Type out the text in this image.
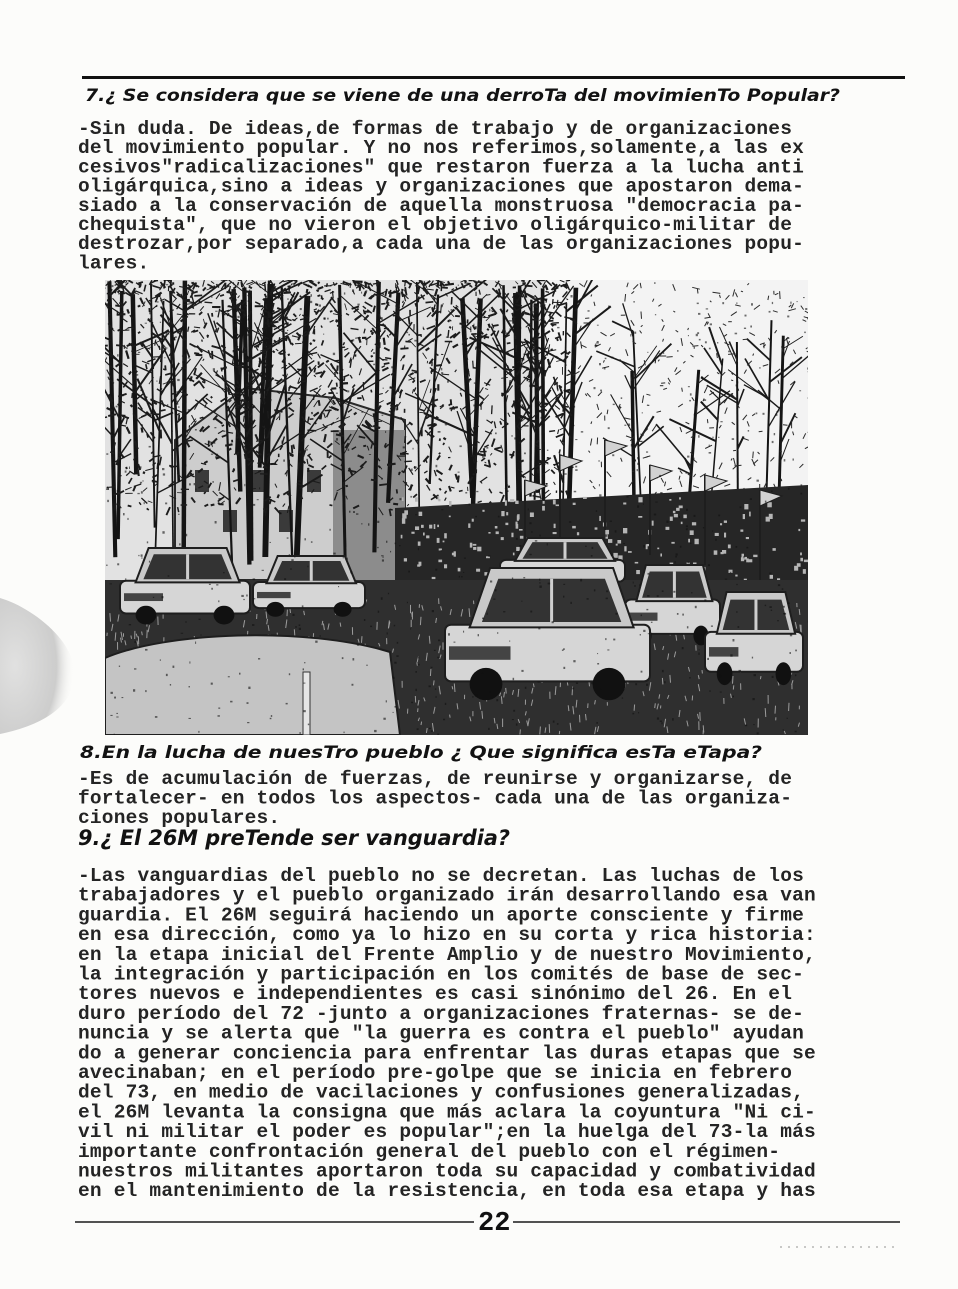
7.¿ Se considera que se viene de una derroTa del movimienTo Popular?
-Sin duda. De ideas,de formas de trabajo y de organizaciones
del movimiento popular. Y no nos referimos,solamente,a las ex
cesivos"radicalizaciones" que restaron fuerza a la lucha anti
oligárquica,sino a ideas y organizaciones que apostaron dema-
siado a la conservación de aquella monstruosa "democracia pa-
chequista", que no vieron el objetivo oligárquico-militar de
destrozar,por separado,a cada una de las organizaciones popu-
lares.
8.En la lucha de nuesTro pueblo ¿ Que significa esTa eTapa?
-Es de acumulación de fuerzas, de reunirse y organizarse, de
fortalecer- en todos los aspectos- cada una de las organiza-
ciones populares.
9.¿ El 26M preTende ser vanguardia?
-Las vanguardias del pueblo no se decretan. Las luchas de los
trabajadores y el pueblo organizado irán desarrollando esa van
guardia. El 26M seguirá haciendo un aporte consciente y firme
en esa dirección, como ya lo hizo en su corta y rica historia:
en la etapa inicial del Frente Amplio y de nuestro Movimiento,
la integración y participación en los comités de base de sec-
tores nuevos e independientes es casi sinónimo del 26. En el
duro período del 72 -junto a organizaciones fraternas- se de-
nuncia y se alerta que "la guerra es contra el pueblo" ayudan
do a generar conciencia para enfrentar las duras etapas que se
avecinaban; en el período pre-golpe que se inicia en febrero
del 73, en medio de vacilaciones y confusiones generalizadas,
el 26M levanta la consigna que más aclara la coyuntura "Ni ci-
vil ni militar el poder es popular";en la huelga del 73-la más
importante confrontación general del pueblo con el régimen-
nuestros militantes aportaron toda su capacidad y combatividad
en el mantenimiento de la resistencia, en toda esa etapa y has
22
